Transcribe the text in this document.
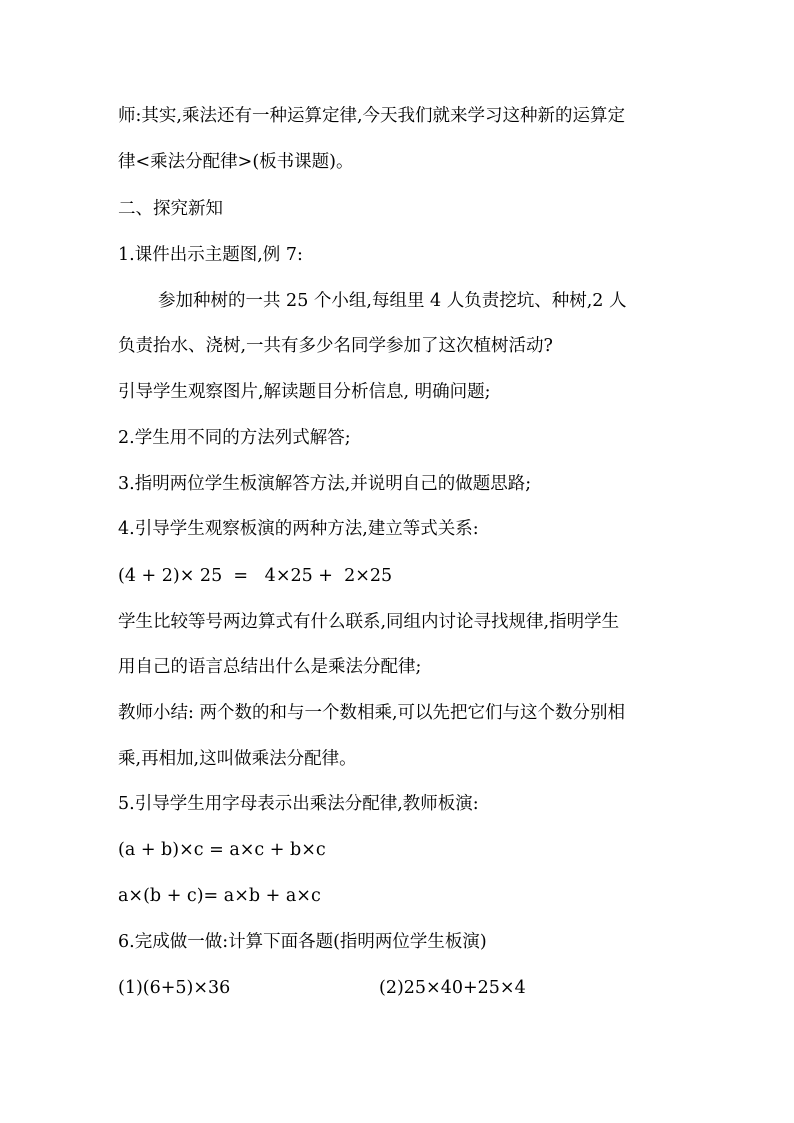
师:其实,乘法还有一种运算定律,今天我们就来学习这种新的运算定
律<乘法分配律>(板书课题)。
二、探究新知
1.课件出示主题图,例 7:
参加种树的一共 25 个小组,每组里 4 人负责挖坑、种树,2 人
负责抬水、浇树,一共有多少名同学参加了这次植树活动?
引导学生观察图片,解读题目分析信息, 明确问题;
2.学生用不同的方法列式解答;
3.指明两位学生板演解答方法,并说明自己的做题思路;
4.引导学生观察板演的两种方法,建立等式关系:
(4 + 2)× 25  =   4×25 +  2×25
学生比较等号两边算式有什么联系,同组内讨论寻找规律,指明学生
用自己的语言总结出什么是乘法分配律;
教师小结: 两个数的和与一个数相乘,可以先把它们与这个数分别相
乘,再相加,这叫做乘法分配律。
5.引导学生用字母表示出乘法分配律,教师板演:
(a + b)×c = a×c + b×c
a×(b + c)= a×b + a×c
6.完成做一做:计算下面各题(指明两位学生板演)
(1)(6+5)×36	(2)25×40+25×4
